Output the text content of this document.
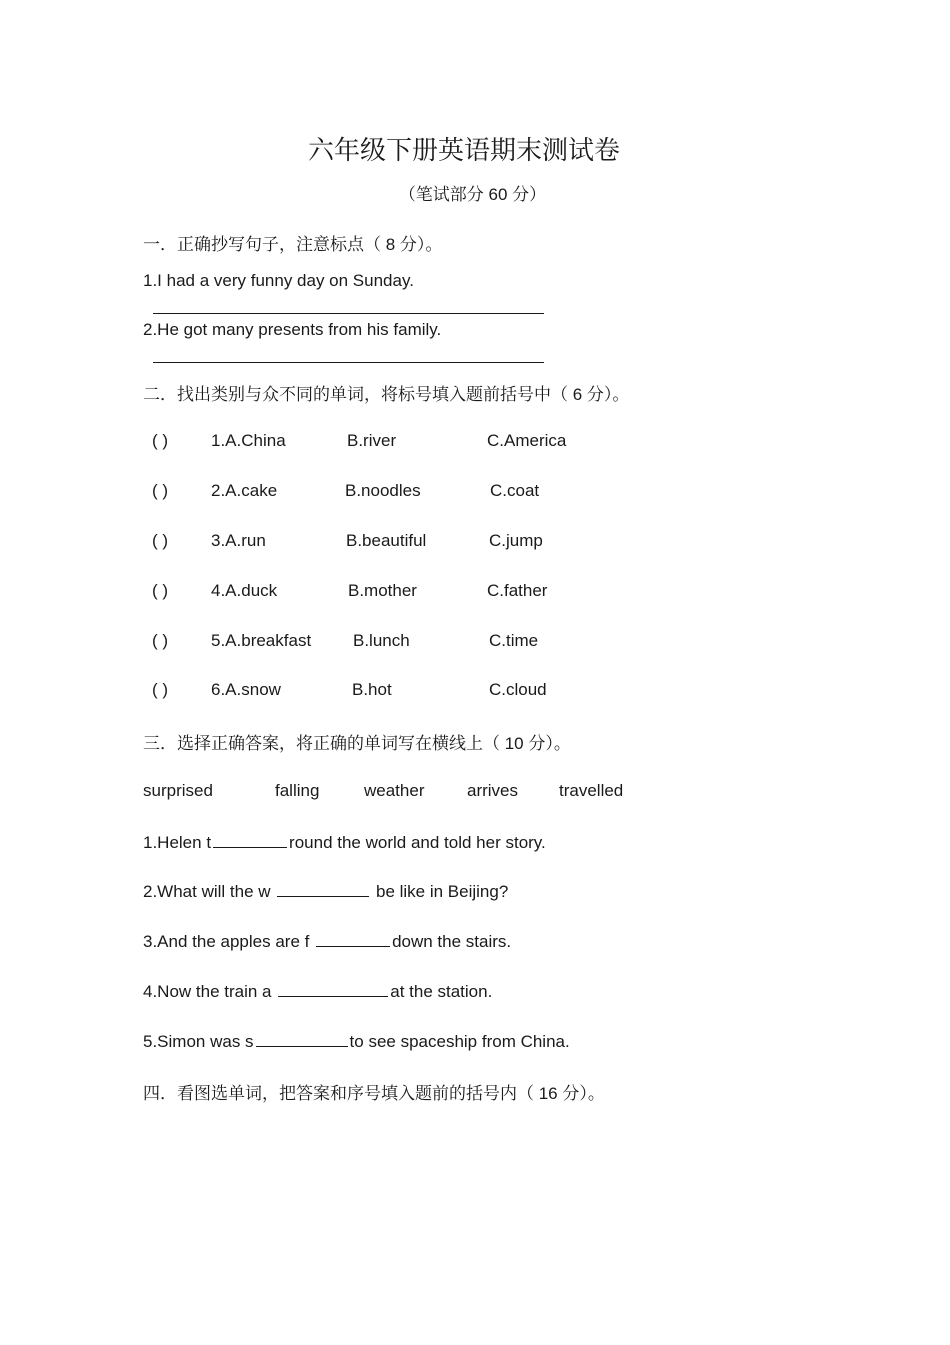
六年级下册英语期末测试卷
（笔试部分 60 分）
一．正确抄写句子，注意标点（ 8 分）。
1.I had a very funny day on Sunday.
2.He got many presents from his family.
二．找出类别与众不同的单词，将标号填入题前括号中（ 6 分）。
( )	1.A.China	B.river	C.America
( )	2.A.cake	B.noodles	C.coat
( )	3.A.run	B.beautiful	C.jump
( )	4.A.duck	B.mother	C.father
( )	5.A.breakfast B.lunch	C.time
( )	6.A.snow	B.hot	C.cloud
三．选择正确答案，将正确的单词写在横线上（ 10 分）。
surprised	falling	weather	arrives travelled
1.Helen t	round the world and told her story.
2.What will the w	be like in Beijing?
3.And the apples are f	down the stairs.
4.Now the train a	at the station.
5.Simon was s	to see spaceship from China.
四．看图选单词，把答案和序号填入题前的括号内（ 16 分）。
